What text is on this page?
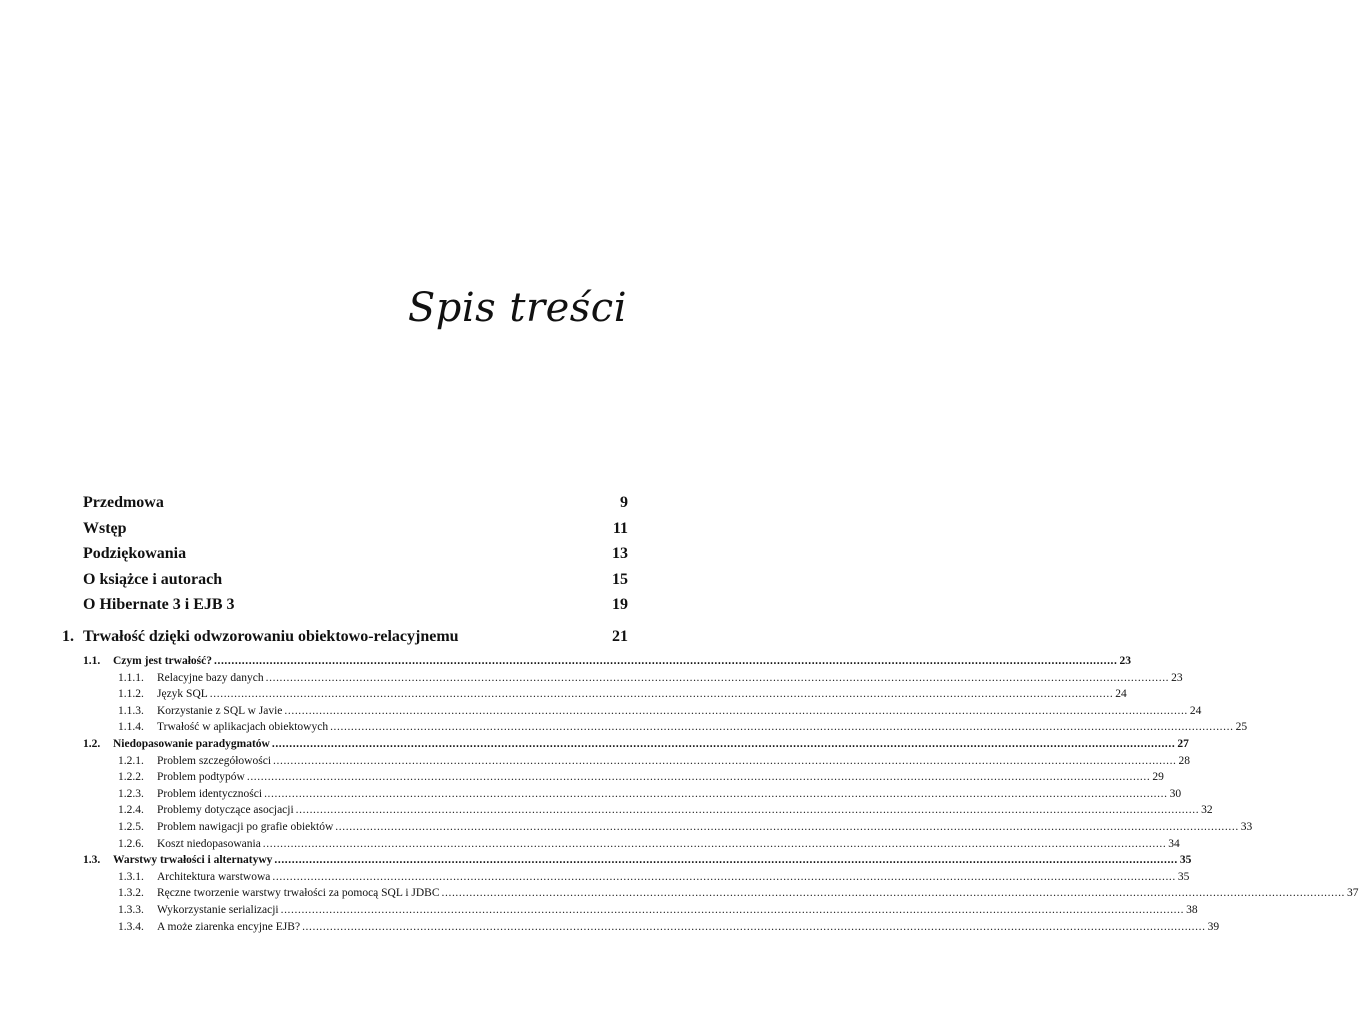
Spis treści
Przedmowa	9
Wstęp	11
Podziękowania	13
O książce i autorach	15
O Hibernate 3 i EJB 3	19
1. Trwałość dzięki odwzorowaniu obiektowo-relacyjnemu	21
1.1.	Czym jest trwałość? .................................................................................................................................................................................................................................................................... 23
1.1.1.	Relacyjne bazy danych .................................................................................................................................................................................................................................................................... 23
1.1.2.	Język SQL .................................................................................................................................................................................................................................................................... 24
1.1.3.	Korzystanie z SQL w Javie .................................................................................................................................................................................................................................................................... 24
1.1.4.	Trwałość w aplikacjach obiektowych .................................................................................................................................................................................................................................................................... 25
1.2.	Niedopasowanie paradygmatów .................................................................................................................................................................................................................................................................... 27
1.2.1.	Problem szczegółowości .................................................................................................................................................................................................................................................................... 28
1.2.2.	Problem podtypów .................................................................................................................................................................................................................................................................... 29
1.2.3.	Problem identyczności .................................................................................................................................................................................................................................................................... 30
1.2.4.	Problemy dotyczące asocjacji .................................................................................................................................................................................................................................................................... 32
1.2.5.	Problem nawigacji po grafie obiektów .................................................................................................................................................................................................................................................................... 33
1.2.6.	Koszt niedopasowania .................................................................................................................................................................................................................................................................... 34
1.3.	Warstwy trwałości i alternatywy .................................................................................................................................................................................................................................................................... 35
1.3.1.	Architektura warstwowa .................................................................................................................................................................................................................................................................... 35
1.3.2.	Ręczne tworzenie warstwy trwałości za pomocą SQL i JDBC .................................................................................................................................................................................................................................................................... 37
1.3.3.	Wykorzystanie serializacji .................................................................................................................................................................................................................................................................... 38
1.3.4.	A może ziarenka encyjne EJB? .................................................................................................................................................................................................................................................................... 39
